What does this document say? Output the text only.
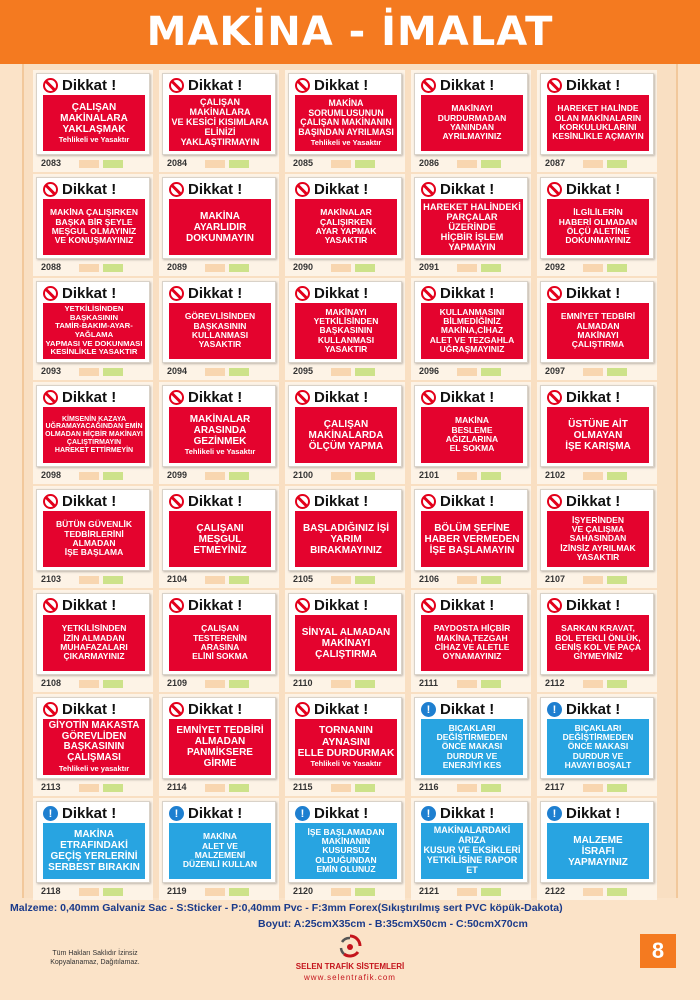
MAKİNA - İMALAT
Dikkat !
ÇALIŞAN
MAKİNALARA
YAKLAŞMAK
Tehlikeli ve Yasaktır
2083
Dikkat !
ÇALIŞAN MAKİNALARA
VE KESİCİ KISIMLARA
ELİNİZİ YAKLAŞTIRMAYIN
2084
Dikkat !
MAKİNA SORUMLUSUNUN
ÇALIŞAN MAKİNANIN
BAŞINDAN AYRILMASI
Tehlikeli ve Yasaktır
2085
Dikkat !
MAKİNAYI
DURDURMADAN
YANINDAN
AYRILMAYINIZ
2086
Dikkat !
HAREKET HALİNDE
OLAN MAKİNALARIN
KORKULUKLARINI
KESİNLİKLE AÇMAYIN
2087
Dikkat !
MAKİNA ÇALIŞIRKEN
BAŞKA BİR ŞEYLE
MEŞGUL OLMAYINIZ
VE KONUŞMAYINIZ
2088
Dikkat !
MAKİNA
AYARLIDIR
DOKUNMAYIN
2089
Dikkat !
MAKİNALAR
ÇALIŞIRKEN
AYAR YAPMAK
YASAKTIR
2090
Dikkat !
HAREKET HALİNDEKİ
PARÇALAR ÜZERİNDE
HİÇBİR İŞLEM YAPMAYIN
2091
Dikkat !
İLGİLİLERİN
HABERİ OLMADAN
ÖLÇÜ ALETİNE
DOKUNMAYINIZ
2092
Dikkat !
YETKİLİSİNDEN BAŞKASININ
TAMİR-BAKIM-AYAR-YAĞLAMA
YAPMASI VE DOKUNMASI
KESİNLİKLE YASAKTIR
2093
Dikkat !
GÖREVLİSİNDEN
BAŞKASININ
KULLANMASI
YASAKTIR
2094
Dikkat !
MAKİNAYI
YETKİLİSİNDEN
BAŞKASININ
KULLANMASI
YASAKTIR
2095
Dikkat !
KULLANMASINI
BİLMEDİĞİNİZ
MAKİNA,CİHAZ
ALET VE TEZGAHLA
UĞRAŞMAYINIZ
2096
Dikkat !
EMNİYET TEDBİRİ
ALMADAN
MAKİNAYI
ÇALIŞTIRMA
2097
Dikkat !
KİMSENİN KAZAYA
UĞRAMAYACAĞINDAN EMİN
OLMADAN HİÇBİR MAKİNAYI
ÇALIŞTIRMAYIN
HAREKET ETTİRMEYİN
2098
Dikkat !
MAKİNALAR
ARASINDA
GEZİNMEK
Tehlikeli ve Yasaktır
2099
Dikkat !
ÇALIŞAN
MAKİNALARDA
ÖLÇÜM YAPMA
2100
Dikkat !
MAKİNA
BESLEME
AĞIZLARINA
EL SOKMA
2101
Dikkat !
ÜSTÜNE AİT
OLMAYAN
İŞE KARIŞMA
2102
Dikkat !
BÜTÜN GÜVENLİK
TEDBİRLERİNİ
ALMADAN
İŞE BAŞLAMA
2103
Dikkat !
ÇALIŞANI
MEŞGUL
ETMEYİNİZ
2104
Dikkat !
BAŞLADIĞINIZ İŞİ
YARIM
BIRAKMAYINIZ
2105
Dikkat !
BÖLÜM ŞEFİNE
HABER VERMEDEN
İŞE BAŞLAMAYIN
2106
Dikkat !
İŞYERİNDEN
VE ÇALIŞMA
SAHASINDAN
İZİNSİZ AYRILMAK
YASAKTIR
2107
Dikkat !
YETKİLİSİNDEN
İZİN ALMADAN
MUHAFAZALARI
ÇIKARMAYINIZ
2108
Dikkat !
ÇALIŞAN
TESTERENİN
ARASINA
ELİNİ SOKMA
2109
Dikkat !
SİNYAL ALMADAN
MAKİNAYI
ÇALIŞTIRMA
2110
Dikkat !
PAYDOSTA HİÇBİR
MAKİNA,TEZGAH
CİHAZ VE ALETLE
OYNAMAYINIZ
2111
Dikkat !
SARKAN KRAVAT,
BOL ETEKLİ ÖNLÜK,
GENİŞ KOL VE PAÇA
GİYMEYİNİZ
2112
Dikkat !
GİYOTİN MAKASTA
GÖREVLİDEN
BAŞKASININ ÇALIŞMASI
Tehlikeli ve yasaktır
2113
Dikkat !
EMNİYET TEDBİRİ
ALMADAN
PANMİKSERE GİRME
2114
Dikkat !
TORNANIN AYNASINI
ELLE DURDURMAK
Tehlikeli Ve Yasaktır
2115
! Dikkat !
BIÇAKLARI
DEĞİŞTİRMEDEN
ÖNCE MAKASI
DURDUR VE
ENERJİYİ KES
2116
! Dikkat !
BIÇAKLARI
DEĞİŞTİRMEDEN
ÖNCE MAKASI
DURDUR VE
HAVAYI BOŞALT
2117
! Dikkat !
MAKİNA ETRAFINDAKİ
GEÇİŞ YERLERİNİ
SERBEST BIRAKIN
2118
! Dikkat !
MAKİNA
ALET VE
MALZEMENİ
DÜZENLİ KULLAN
2119
! Dikkat !
İŞE BAŞLAMADAN
MAKİNANIN KUSURSUZ
OLDUĞUNDAN
EMİN OLUNUZ
2120
! Dikkat !
MAKİNALARDAKİ ARIZA
KUSUR VE EKSİKLERİ
YETKİLİSİNE RAPOR ET
2121
! Dikkat !
MALZEME
İSRAFI
YAPMAYINIZ
2122
Malzeme: 0,40mm Galvaniz Sac - S:Sticker - P:0,40mm Pvc - F:3mm Forex(Sıkıştırılmış sert PVC köpük-Dakota)
Boyut: A:25cmX35cm - B:35cmX50cm - C:50cmX70cm
Tüm Hakları Saklıdır İzinsiz Kopyalanamaz, Dağıtılamaz.	SELEN TRAFİK SİSTEMLERİ
www.selentrafik.com
8
